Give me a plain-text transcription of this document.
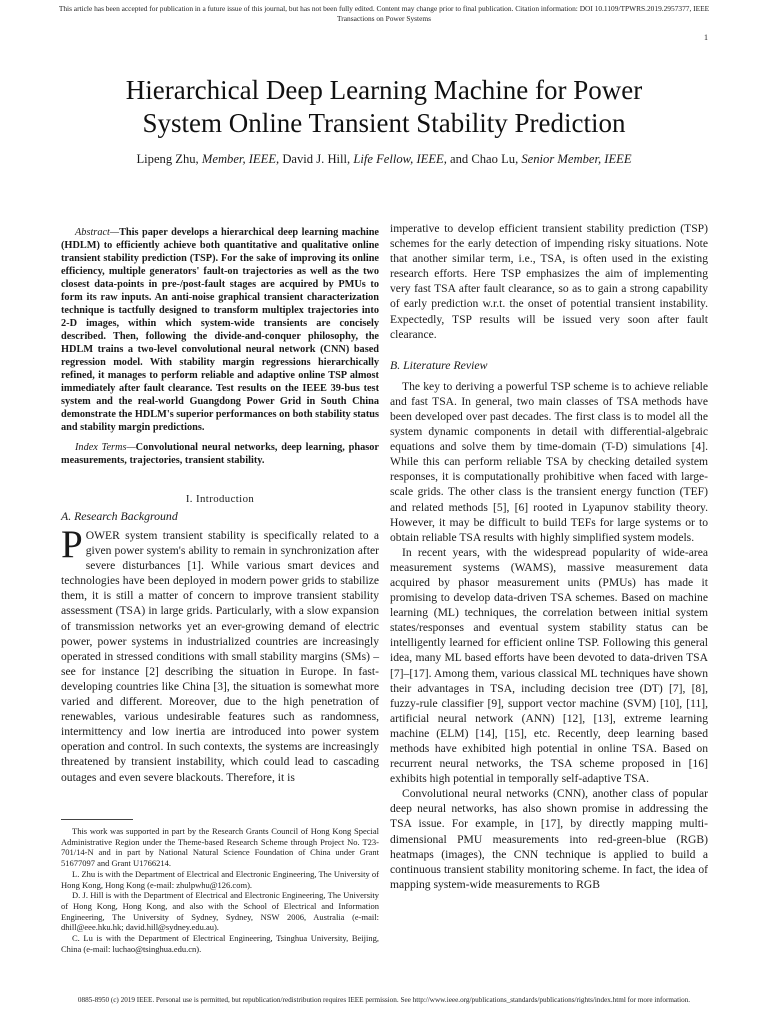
This article has been accepted for publication in a future issue of this journal, but has not been fully edited. Content may change prior to final publication. Citation information: DOI 10.1109/TPWRS.2019.2957377, IEEE
Transactions on Power Systems
1
Hierarchical Deep Learning Machine for Power
System Online Transient Stability Prediction
Lipeng Zhu, Member, IEEE, David J. Hill, Life Fellow, IEEE, and Chao Lu, Senior Member, IEEE

Abstract—This paper develops a hierarchical deep learning machine (HDLM) to efficiently achieve both quantitative and qualitative online transient stability prediction (TSP). For the sake of improving its online efficiency, multiple generators' fault-on trajectories as well as the two closest data-points in pre-/post-fault stages are acquired by PMUs to form its raw inputs. An anti-noise graphical transient characterization technique is tactfully designed to transform multiplex trajectories into 2-D images, within which system-wide transients are concisely described. Then, following the divide-and-conquer philosophy, the HDLM trains a two-level convolutional neural network (CNN) based regression model. With stability margin regressions hierarchically refined, it manages to perform reliable and adaptive online TSP almost immediately after fault clearance. Test results on the IEEE 39-bus test system and the real-world Guangdong Power Grid in South China demonstrate the HDLM's superior performances on both stability status and stability margin predictions.

Index Terms—Convolutional neural networks, deep learning, phasor measurements, trajectories, transient stability.

I. Introduction
A. Research Background

POWER system transient stability is specifically related to a given power system's ability to remain in synchronization after severe disturbances [1]. While various smart devices and technologies have been deployed in modern power grids to stabilize them, it is still a matter of concern to improve transient stability assessment (TSA) in large grids. Particularly, with a slow expansion of transmission networks yet an ever-growing demand of electric power, power systems in industrialized countries are increasingly operated in stressed conditions with small stability margins (SMs) – see for instance [2] describing the situation in Europe. In fast-developing countries like China [3], the situation is somewhat more varied and different. Moreover, due to the high penetration of renewables, various undesirable features such as randomness, intermittency and low inertia are introduced into power system operation and control. In such contexts, the systems are increasingly threatened by transient instability, which could lead to cascading outages and even severe blackouts. Therefore, it is

This work was supported in part by the Research Grants Council of Hong Kong Special Administrative Region under the Theme-based Research Scheme through Project No. T23-701/14-N and in part by National Natural Science Foundation of China under Grant 51677097 and Grant U1766214.

L. Zhu is with the Department of Electrical and Electronic Engineering, The University of Hong Kong, Hong Kong (e-mail: zhulpwhu@126.com).

D. J. Hill is with the Department of Electrical and Electronic Engineering, The University of Hong Kong, Hong Kong, and also with the School of Electrical and Information Engineering, The University of Sydney, Sydney, NSW 2006, Australia (e-mail: dhill@eee.hku.hk; david.hill@sydney.edu.au).

C. Lu is with the Department of Electrical Engineering, Tsinghua University, Beijing, China (e-mail: luchao@tsinghua.edu.cn).

imperative to develop efficient transient stability prediction (TSP) schemes for the early detection of impending risky situations. Note that another similar term, i.e., TSA, is often used in the existing research efforts. Here TSP emphasizes the aim of implementing very fast TSA after fault clearance, so as to gain a strong capability of early prediction w.r.t. the onset of potential transient instability. Expectedly, TSP results will be issued very soon after fault clearance.

B. Literature Review

The key to deriving a powerful TSP scheme is to achieve reliable and fast TSA. In general, two main classes of TSA methods have been developed over past decades. The first class is to model all the system dynamic components in detail with differential-algebraic equations and solve them by time-domain (T-D) simulations [4]. While this can perform reliable TSA by checking detailed system responses, it is computationally prohibitive when faced with large-scale grids. The other class is the transient energy function (TEF) and related methods [5], [6] rooted in Lyapunov stability theory. However, it may be difficult to build TEFs for large systems or to obtain reliable TSA results with highly simplified system models.

In recent years, with the widespread popularity of wide-area measurement systems (WAMS), massive measurement data acquired by phasor measurement units (PMUs) has made it promising to develop data-driven TSA schemes. Based on machine learning (ML) techniques, the correlation between initial system states/responses and eventual system stability status can be intelligently learned for efficient online TSP. Following this general idea, many ML based efforts have been devoted to data-driven TSA [7]–[17]. Among them, various classical ML techniques have shown their advantages in TSA, including decision tree (DT) [7], [8], fuzzy-rule classifier [9], support vector machine (SVM) [10], [11], artificial neural network (ANN) [12], [13], extreme learning machine (ELM) [14], [15], etc. Recently, deep learning based methods have exhibited high potential in online TSA. Based on recurrent neural networks, the TSA scheme proposed in [16] exhibits high potential in temporally self-adaptive TSA.

Convolutional neural networks (CNN), another class of popular deep neural networks, has also shown promise in addressing the TSA issue. For example, in [17], by directly mapping multi-dimensional PMU measurements into red-green-blue (RGB) heatmaps (images), the CNN technique is applied to build a continuous transient stability monitoring scheme. In fact, the idea of mapping system-wide measurements to RGB

0885-8950 (c) 2019 IEEE. Personal use is permitted, but republication/redistribution requires IEEE permission. See http://www.ieee.org/publications_standards/publications/rights/index.html for more information.
